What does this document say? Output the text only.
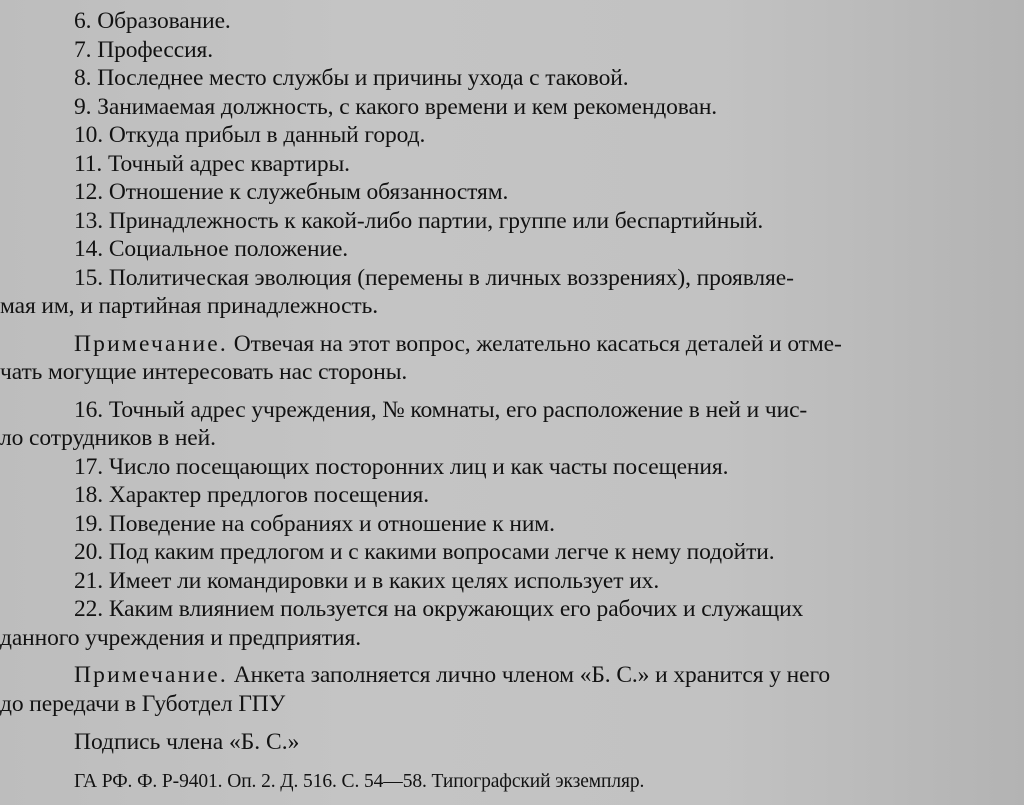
6. Образование.
7. Профессия.
8. Последнее место службы и причины ухода с таковой.
9. Занимаемая должность, с какого времени и кем рекомендован.
10. Откуда прибыл в данный город.
11. Точный адрес квартиры.
12. Отношение к служебным обязанностям.
13. Принадлежность к какой-либо партии, группе или беспартийный.
14. Социальное положение.
15. Политическая эволюция (перемены в личных воззрениях), проявляе-
мая им, и партийная принадлежность.
Примечание. Отвечая на этот вопрос, желательно касаться деталей и отме-
чать могущие интересовать нас стороны.
16. Точный адрес учреждения, № комнаты, его расположение в ней и чис-
ло сотрудников в ней.
17. Число посещающих посторонних лиц и как часты посещения.
18. Характер предлогов посещения.
19. Поведение на собраниях и отношение к ним.
20. Под каким предлогом и с какими вопросами легче к нему подойти.
21. Имеет ли командировки и в каких целях использует их.
22. Каким влиянием пользуется на окружающих его рабочих и служащих
данного учреждения и предприятия.
Примечание. Анкета заполняется лично членом «Б. С.» и хранится у него
до передачи в Губотдел ГПУ
Подпись члена «Б. С.»
ГА РФ. Ф. Р-9401. Оп. 2. Д. 516. С. 54—58. Типографский экземпляр.
